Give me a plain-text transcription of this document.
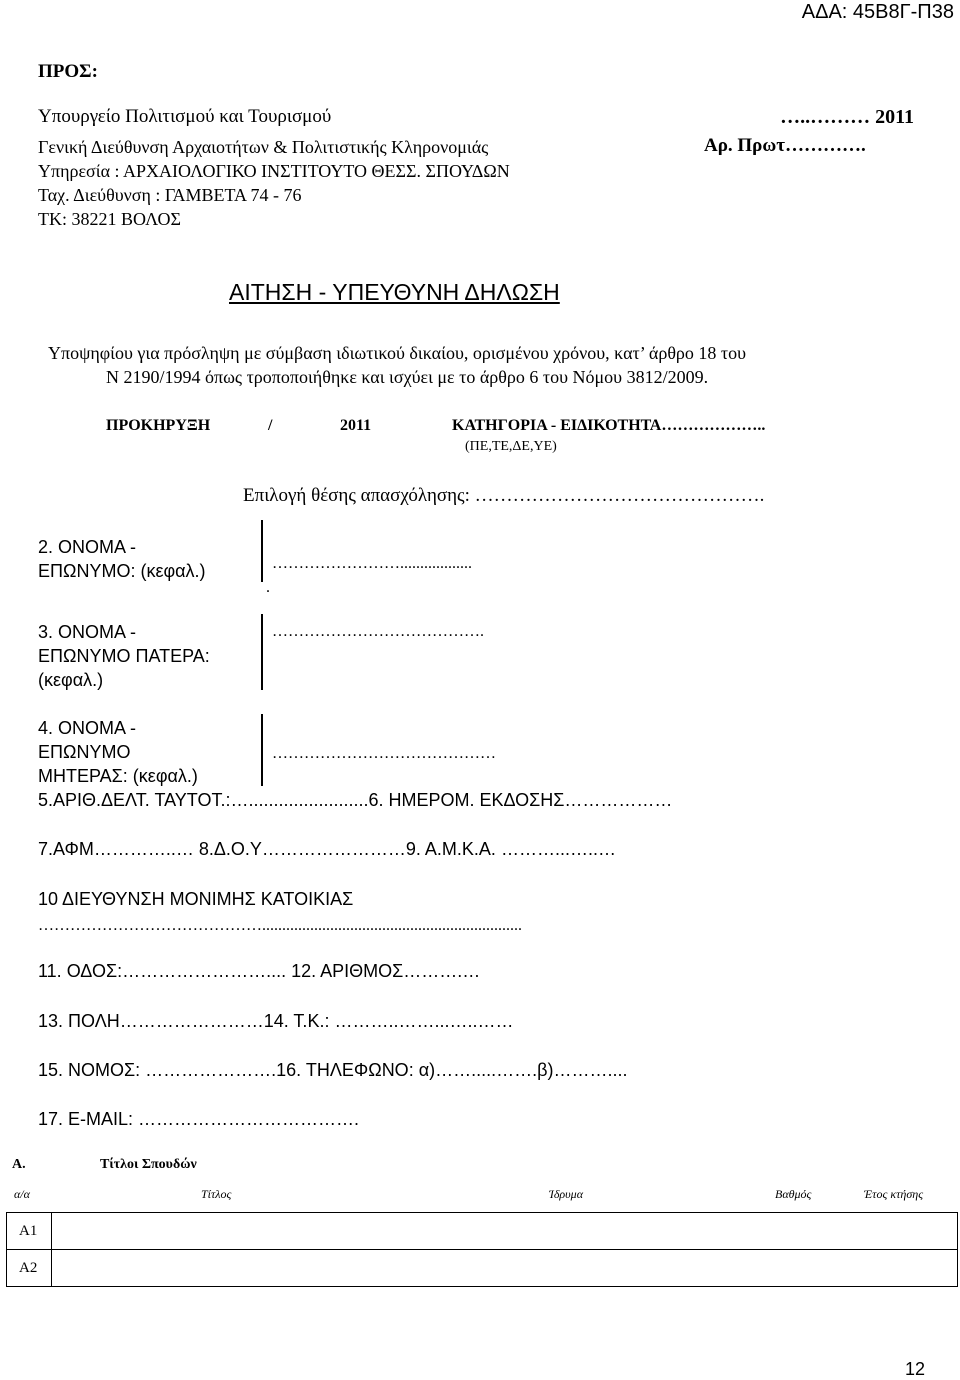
ΑΔΑ: 45Β8Γ-Π38
ΠΡΟΣ:
Υπουργείο Πολιτισμού και Τουρισμού
Γενική Διεύθυνση Αρχαιοτήτων & Πολιτιστικής Κληρονομιάς
Υπηρεσία : ΑΡΧΑΙΟΛΟΓΙΚΟ ΙΝΣΤΙΤΟΥΤΟ ΘΕΣΣ. ΣΠΟΥΔΩΝ
Ταχ. Διεύθυνση : ΓΑΜΒΕΤΑ 74 - 76
ΤΚ: 38221 ΒΟΛΟΣ
…..……… 2011
Αρ. Πρωτ………….
ΑΙΤΗΣΗ - ΥΠΕΥΘΥΝΗ ΔΗΛΩΣΗ
Υποψηφίου για πρόσληψη με σύμβαση ιδιωτικού δικαίου, ορισμένου χρόνου, κατ’ άρθρο 18 του
Ν 2190/1994 όπως τροποποιήθηκε και ισχύει με το άρθρο 6 του Νόμου 3812/2009.
ΠΡΟΚΗΡΥΞΗ	/	2011	ΚΑΤΗΓΟΡΙΑ - ΕΙΔΙΚΟΤΗΤΑ………………..
(ΠΕ,ΤΕ,ΔΕ,ΥΕ)
Επιλογή θέσης απασχόλησης: ……………………………………….
2. ΟΝΟΜΑ -
ΕΠΩΝΥΜΟ: (κεφαλ.)	……………………..................
.
3. ΟΝΟΜΑ -
ΕΠΩΝΥΜΟ ΠΑΤΕΡΑ:
(κεφαλ.)
………………………………….
4. ΟΝΟΜΑ -
ΕΠΩΝΥΜΟ
ΜΗΤΕΡΑΣ: (κεφαλ.)
……………………………………
5.ΑΡΙΘ.ΔΕΛΤ. ΤΑΥΤΟΤ.:…........................6. ΗΜΕΡΟΜ. ΕΚΔΟΣΗΣ………………
7.ΑΦΜ…………..… 8.Δ.Ο.Υ……………………9. Α.Μ.Κ.Α. ………...…..…
10 ΔΙΕΥΘΥΝΣΗ ΜΟΝΙΜΗΣ ΚΑΤΟΙΚΙΑΣ
…………………………………….................................................................
11. ΟΔΟΣ:…………………….... 12. ΑΡΙΘΜΟΣ……….…
13. ΠΟΛΗ……………………14. Τ.Κ.: ………..……...…..……
15. ΝΟΜΟΣ: ………………….16. ΤΗΛΕΦΩΝΟ: α)…….....…….β)………....
17. E-MAIL: ……………………………….
Α.	Τίτλοι Σπουδών
α/α	Τίτλος	Ίδρυμα	Βαθμός	Έτος κτήσης
Α1	
Α2	
12
